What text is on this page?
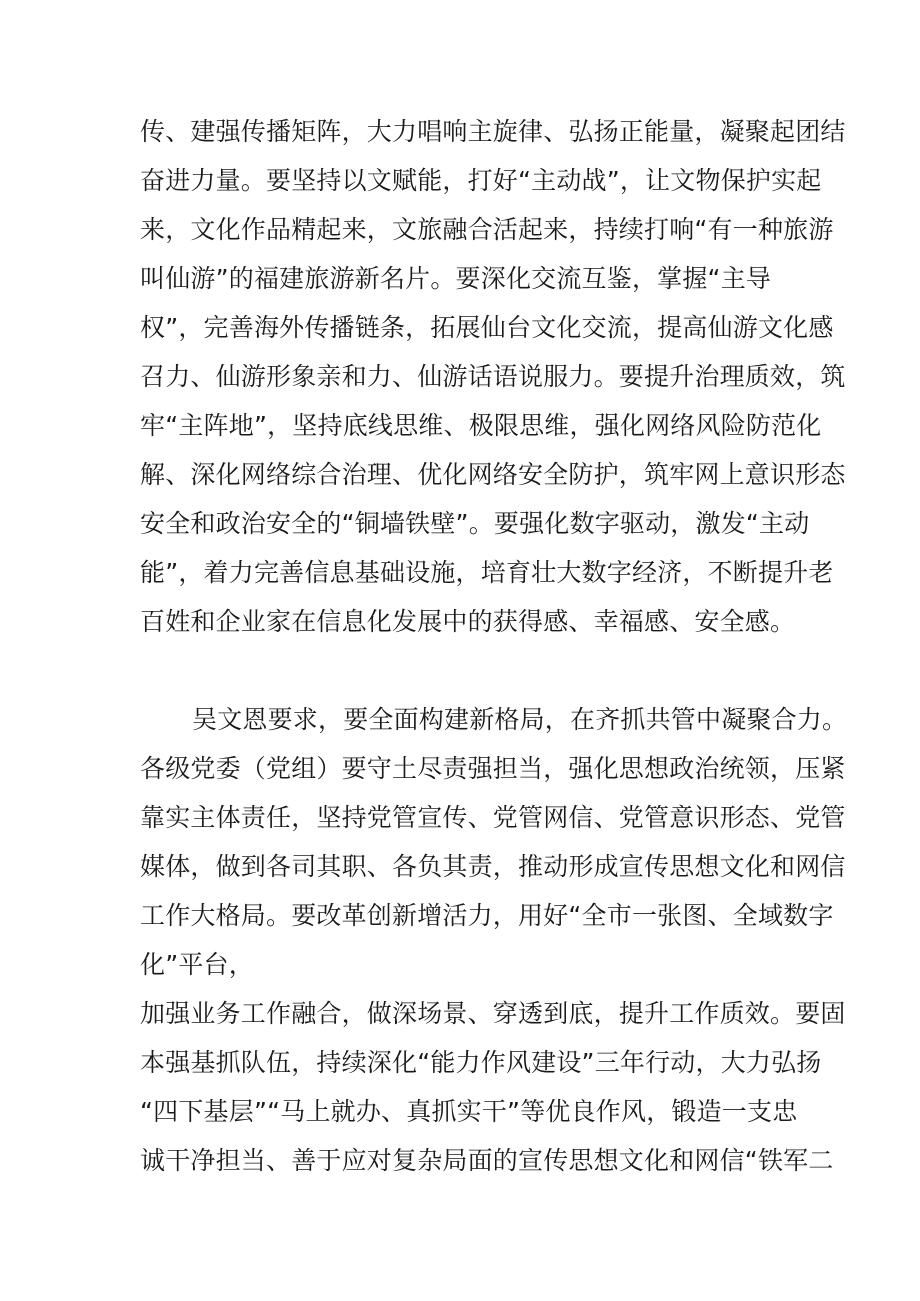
传、建强传播矩阵，大力唱响主旋律、弘扬正能量，凝聚起团结
奋进力量。要坚持以文赋能，打好“主动战”，让文物保护实起
来，文化作品精起来，文旅融合活起来，持续打响“有一种旅游
叫仙游”的福建旅游新名片。要深化交流互鉴，掌握“主导
权”，完善海外传播链条，拓展仙台文化交流，提高仙游文化感
召力、仙游形象亲和力、仙游话语说服力。要提升治理质效，筑
牢“主阵地”，坚持底线思维、极限思维，强化网络风险防范化
解、深化网络综合治理、优化网络安全防护，筑牢网上意识形态
安全和政治安全的“铜墙铁壁”。要强化数字驱动，激发“主动
能”，着力完善信息基础设施，培育壮大数字经济，不断提升老
百姓和企业家在信息化发展中的获得感、幸福感、安全感。
吴文恩要求，要全面构建新格局，在齐抓共管中凝聚合力。
各级党委（党组）要守土尽责强担当，强化思想政治统领，压紧
靠实主体责任，坚持党管宣传、党管网信、党管意识形态、党管
媒体，做到各司其职、各负其责，推动形成宣传思想文化和网信
工作大格局。要改革创新增活力，用好“全市一张图、全域数字
化”平台，
加强业务工作融合，做深场景、穿透到底，提升工作质效。要固
本强基抓队伍，持续深化“能力作风建设”三年行动，大力弘扬
“四下基层”“马上就办、真抓实干”等优良作风，锻造一支忠
诚干净担当、善于应对复杂局面的宣传思想文化和网信“铁军二
